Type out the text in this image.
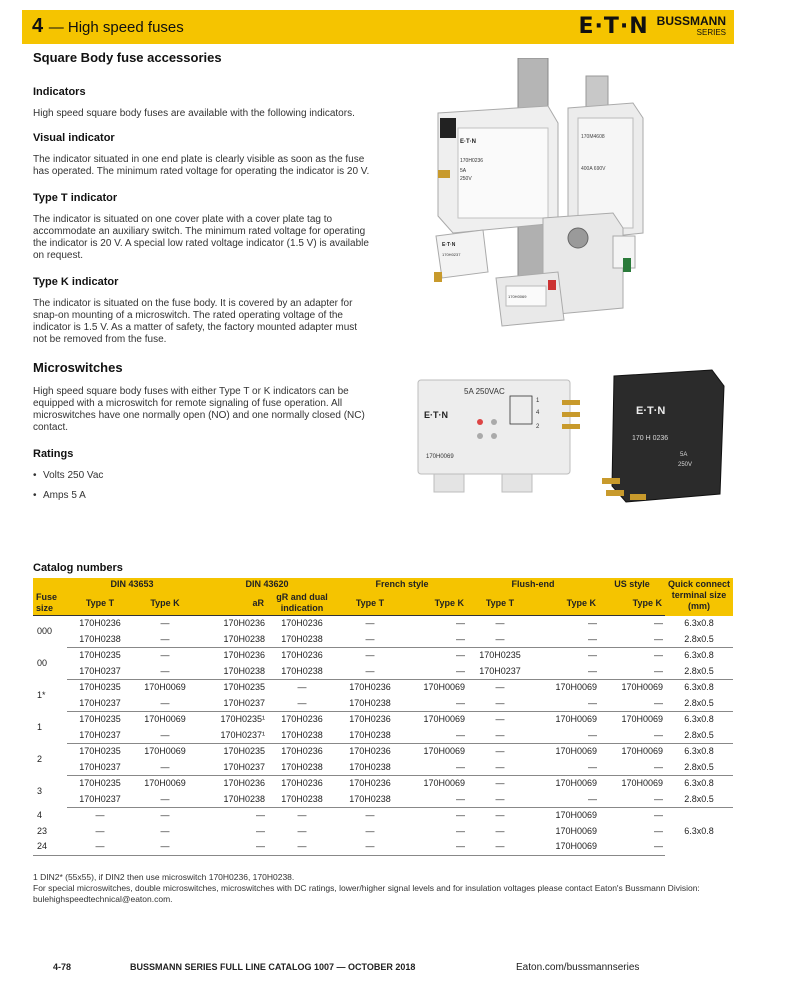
4 — High speed fuses	E·T·N BUSSMANN
SERIES
Square Body fuse accessories
Indicators
High speed square body fuses are available with the following indicators.
Visual indicator
The indicator situated in one end plate is clearly visible as soon as the fuse has operated. The minimum rated voltage for operating the indicator is 20 V.
Type T indicator
The indicator is situated on one cover plate with a cover plate tag to accommodate an auxiliary switch. The minimum rated voltage for operating the indicator is 20 V. A special low rated voltage indicator (1.5 V) is available on request.
Type K indicator
The indicator is situated on the fuse body. It is covered by an adapter for snap-on mounting of a microswitch. The rated operating voltage of the indicator is 1.5 V. As a matter of safety, the factory mounted adapter must not be removed from the fuse.
Microswitches
High speed square body fuses with either Type T or K indicators can be equipped with a microswitch for remote signaling of fuse operation. All microswitches have one normally open (NO) and one normally closed (NC) contact.
Ratings
• Volts 250 Vac
• Amps 5 A
170M4608
400A 690V
E·T·N
170H0236
5A
250V
E·T·N
170H0237
170H0069
5A 250VAC
E·T·N
170H0069
1
4
2
E·T·N
170 H 0236
5A
250V
Catalog numbers
	DIN 43653		DIN 43620		French style		Flush-end		US style	Quick connect terminal size (mm)
Fuse size	Type T	Type K	aR	gR and dual indication	Type T	Type K	Type T	Type K	Type K	
000	170H0236	—	170H0236	170H0236	—	—	—	—	—	6.3x0.8
	170H0238	—	170H0238	170H0238	—	—	—	—	—	2.8x0.5
00	170H0235	—	170H0236	170H0236	—	—	170H0235	—	—	6.3x0.8
	170H0237	—	170H0238	170H0238	—	—	170H0237	—	—	2.8x0.5
1*	170H0235	170H0069	170H0235	—	170H0236	170H0069	—	170H0069	170H0069	6.3x0.8
	170H0237	—	170H0237	—	170H0238	—	—	—	—	2.8x0.5
1	170H0235	170H0069	170H0235¹	170H0236	170H0236	170H0069	—	170H0069	170H0069	6.3x0.8
	170H0237	—	170H0237¹	170H0238	170H0238	—	—	—	—	2.8x0.5
2	170H0235	170H0069	170H0235	170H0236	170H0236	170H0069	—	170H0069	170H0069	6.3x0.8
	170H0237	—	170H0237	170H0238	170H0238	—	—	—	—	2.8x0.5
3	170H0235	170H0069	170H0236	170H0236	170H0236	170H0069	—	170H0069	170H0069	6.3x0.8
	170H0237	—	170H0238	170H0238	170H0238	—	—	—	—	2.8x0.5
4	—	—	—	—	—	—	—	170H0069	—	6.3x0.8
23	—	—	—	—	—	—	—	170H0069	—	
24	—	—	—	—	—	—	—	170H0069	—	
1 DIN2* (55x55), if DIN2 then use microswitch 170H0236, 170H0238.
For special microswitches, double microswitches, microswitches with DC ratings, lower/higher signal levels and for insulation voltages please contact Eaton's Bussmann Division: bulehighspeedtechnical@eaton.com.
4-78	BUSSMANN SERIES FULL LINE CATALOG 1007 — OCTOBER 2018	Eaton.com/bussmannseries
